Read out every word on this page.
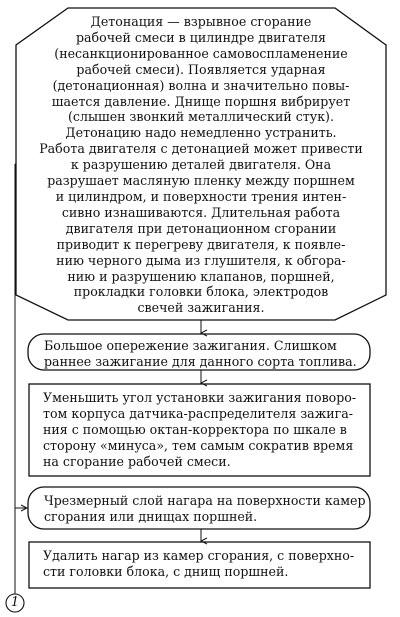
Детонация — взрывное сгорание
рабочей смеси в цилиндре двигателя
(несанкционированное самовоспламенение
рабочей смеси). Появляется ударная
(детонационная) волна и значительно повы-
шается давление. Днище поршня вибрирует
(слышен звонкий металлический стук).
Детонацию надо немедленно устранить.
Работа двигателя с детонацией может привести
к разрушению деталей двигателя. Она
разрушает масляную пленку между поршнем
и цилиндром, и поверхности трения интен-
сивно изнашиваются. Длительная работа
двигателя при детонационном сгорании
приводит к перегреву двигателя, к появле-
нию черного дыма из глушителя, к обгора-
нию и разрушению клапанов, поршней,
прокладки головки блока, электродов
свечей зажигания.
Большое опережение зажигания. Слишком
раннее зажигание для данного сорта топлива.
Уменьшить угол установки зажигания поворо-
том корпуса датчика-распределителя зажига-
ния с помощью октан-корректора по шкале в
сторону «минуса», тем самым сократив время
на сгорание рабочей смеси.
Чрезмерный слой нагара на поверхности камер
сгорания или днищах поршней.
Удалить нагар из камер сгорания, с поверхно-
сти головки блока, с днищ поршней.
1
